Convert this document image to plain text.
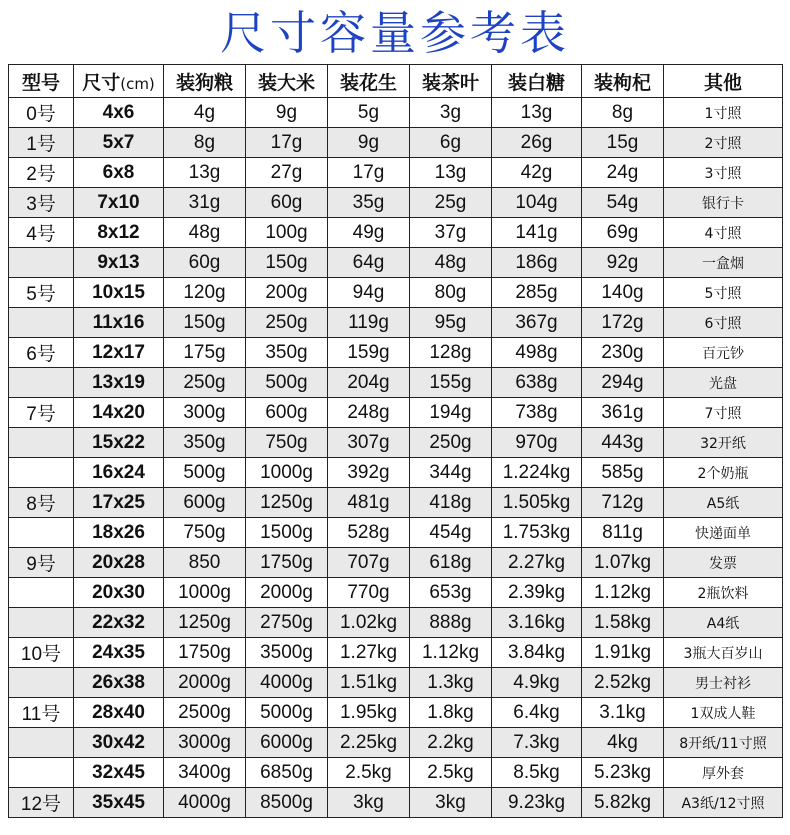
尺寸容量参考表
型号	尺寸(cm)	装狗粮	装大米	装花生	装茶叶	装白糖	装枸杞	其他
0号	4x6	4g	9g	5g	3g	13g	8g	1寸照
1号	5x7	8g	17g	9g	6g	26g	15g	2寸照
2号	6x8	13g	27g	17g	13g	42g	24g	3寸照
3号	7x10	31g	60g	35g	25g	104g	54g	银行卡
4号	8x12	48g	100g	49g	37g	141g	69g	4寸照
	9x13	60g	150g	64g	48g	186g	92g	一盒烟
5号	10x15	120g	200g	94g	80g	285g	140g	5寸照
	11x16	150g	250g	119g	95g	367g	172g	6寸照
6号	12x17	175g	350g	159g	128g	498g	230g	百元钞
	13x19	250g	500g	204g	155g	638g	294g	光盘
7号	14x20	300g	600g	248g	194g	738g	361g	7寸照
	15x22	350g	750g	307g	250g	970g	443g	32开纸
	16x24	500g	1000g	392g	344g	1.224kg	585g	2个奶瓶
8号	17x25	600g	1250g	481g	418g	1.505kg	712g	A5纸
	18x26	750g	1500g	528g	454g	1.753kg	811g	快递面单
9号	20x28	850	1750g	707g	618g	2.27kg	1.07kg	发票
	20x30	1000g	2000g	770g	653g	2.39kg	1.12kg	2瓶饮料
	22x32	1250g	2750g	1.02kg	888g	3.16kg	1.58kg	A4纸
10号	24x35	1750g	3500g	1.27kg	1.12kg	3.84kg	1.91kg	3瓶大百岁山
	26x38	2000g	4000g	1.51kg	1.3kg	4.9kg	2.52kg	男士衬衫
11号	28x40	2500g	5000g	1.95kg	1.8kg	6.4kg	3.1kg	1双成人鞋
	30x42	3000g	6000g	2.25kg	2.2kg	7.3kg	4kg	8开纸/11寸照
	32x45	3400g	6850g	2.5kg	2.5kg	8.5kg	5.23kg	厚外套
12号	35x45	4000g	8500g	3kg	3kg	9.23kg	5.82kg	A3纸/12寸照
